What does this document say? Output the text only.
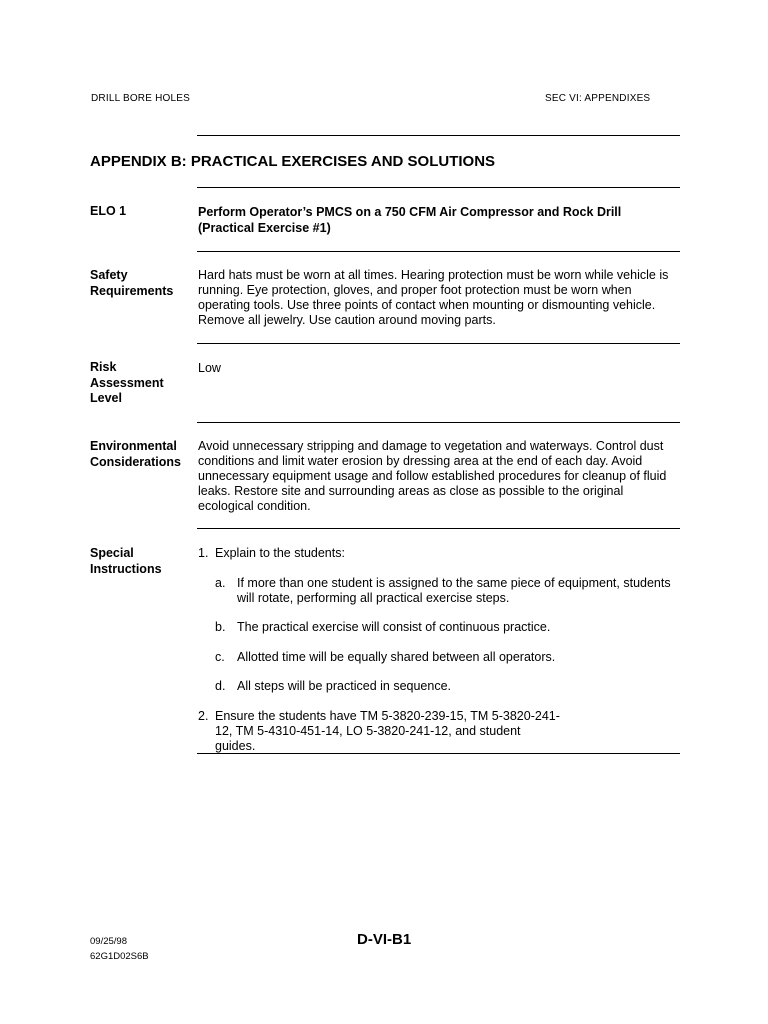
DRILL BORE HOLES	SEC VI: APPENDIXES
APPENDIX B: PRACTICAL EXERCISES AND SOLUTIONS
ELO 1	Perform Operator’s PMCS on a 750 CFM Air Compressor and Rock Drill (Practical Exercise #1)
Safety Requirements
Hard hats must be worn at all times. Hearing protection must be worn while vehicle is running. Eye protection, gloves, and proper foot protection must be worn when operating tools. Use three points of contact when mounting or dismounting vehicle. Remove all jewelry. Use caution around moving parts.
Risk Assessment Level
Low
Environmental Considerations
Avoid unnecessary stripping and damage to vegetation and waterways. Control dust conditions and limit water erosion by dressing area at the end of each day. Avoid unnecessary equipment usage and follow established procedures for cleanup of fluid leaks. Restore site and surrounding areas as close as possible to the original ecological condition.
Special Instructions
1. Explain to the students:
a. If more than one student is assigned to the same piece of equipment, students will rotate, performing all practical exercise steps.
b. The practical exercise will consist of continuous practice.
c. Allotted time will be equally shared between all operators.
d. All steps will be practiced in sequence.
2. Ensure the students have TM 5-3820-239-15, TM 5-3820-241-12, TM 5-4310-451-14, LO 5-3820-241-12, and student guides.
09/25/98
62G1D02S6B
D-VI-B1
